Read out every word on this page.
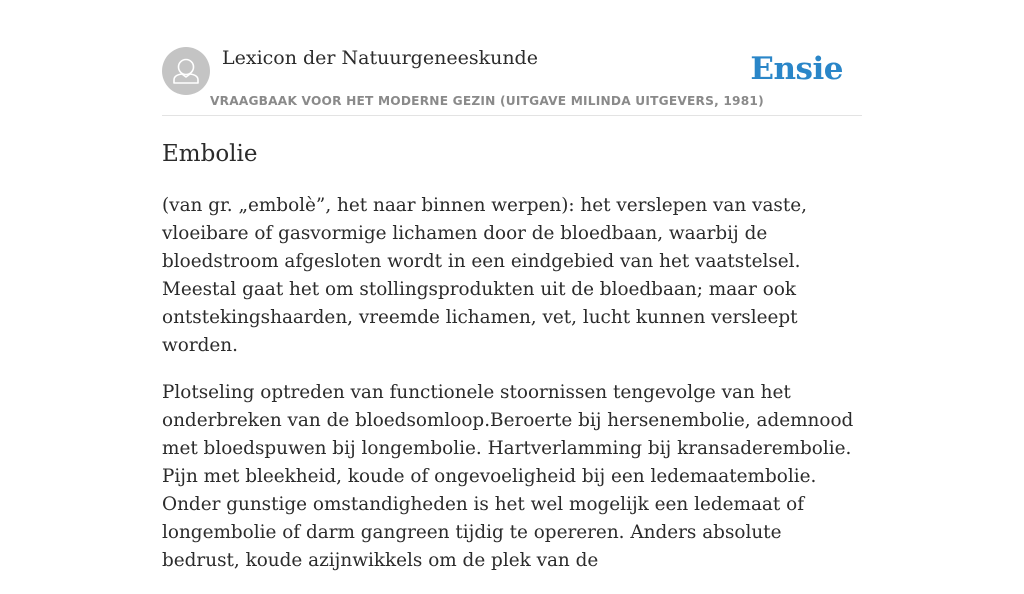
Lexicon der Natuurgeneeskunde
VRAAGBAAK VOOR HET MODERNE GEZIN (UITGAVE MILINDA UITGEVERS, 1981)
Ensie
Embolie

(van gr. „embolè”, het naar binnen werpen): het verslepen van vaste, vloeibare of gasvormige lichamen door de bloedbaan, waarbij de bloedstroom afgesloten wordt in een eindgebied van het vaatstelsel. Meestal gaat het om stollingsprodukten uit de bloedbaan; maar ook ontstekingshaarden, vreemde lichamen, vet, lucht kunnen versleept worden.

Plotseling optreden van functionele stoornissen tengevolge van het onderbreken van de bloedsomloop.Beroerte bij hersenembolie, ademnood met bloedspuwen bij longembolie. Hartverlamming bij kransaderembolie. Pijn met bleekheid, koude of ongevoeligheid bij een ledemaatembolie. Onder gunstige omstandigheden is het wel mogelijk een ledemaat of longembolie of darm gangreen tijdig te opereren. Anders absolute bedrust, koude azijnwikkels om de plek van de
